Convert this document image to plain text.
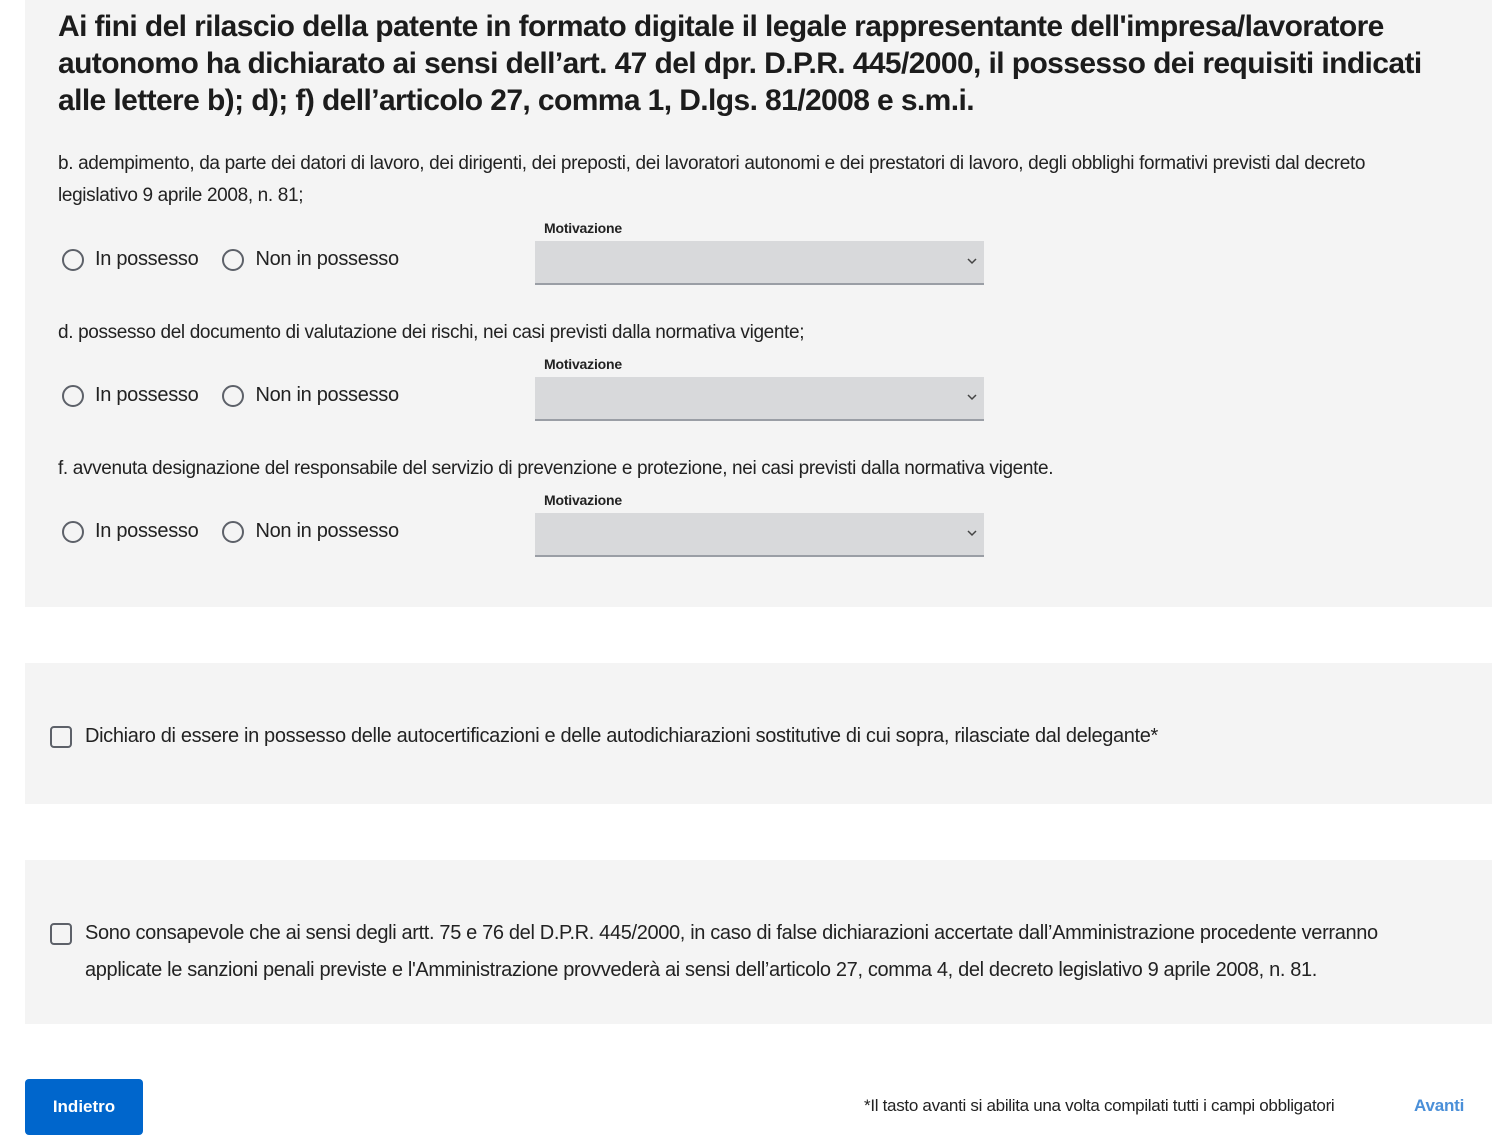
Ai fini del rilascio della patente in formato digitale il legale rappresentante dell'impresa/lavoratore autonomo ha dichiarato ai sensi dell’art. 47 del dpr. D.P.R. 445/2000, il possesso dei requisiti indicati alle lettere b); d); f) dell’articolo 27, comma 1, D.lgs. 81/2008 e s.m.i.

b. adempimento, da parte dei datori di lavoro, dei dirigenti, dei preposti, dei lavoratori autonomi e dei prestatori di lavoro, degli obblighi formativi previsti dal decreto legislativo 9 aprile 2008, n. 81;

In possesso	Non in possesso
Motivazione

d. possesso del documento di valutazione dei rischi, nei casi previsti dalla normativa vigente;

In possesso	Non in possesso
Motivazione

f. avvenuta designazione del responsabile del servizio di prevenzione e protezione, nei casi previsti dalla normativa vigente.

In possesso	Non in possesso
Motivazione
Dichiaro di essere in possesso delle autocertificazioni e delle autodichiarazioni sostitutive di cui sopra, rilasciate dal delegante*
Sono consapevole che ai sensi degli artt. 75 e 76 del D.P.R. 445/2000, in caso di false dichiarazioni accertate dall’Amministrazione procedente verranno applicate le sanzioni penali previste e l'Amministrazione provvederà ai sensi dell’articolo 27, comma 4, del decreto legislativo 9 aprile 2008, n. 81.
Indietro	*Il tasto avanti si abilita una volta compilati tutti i campi obbligatori	Avanti
